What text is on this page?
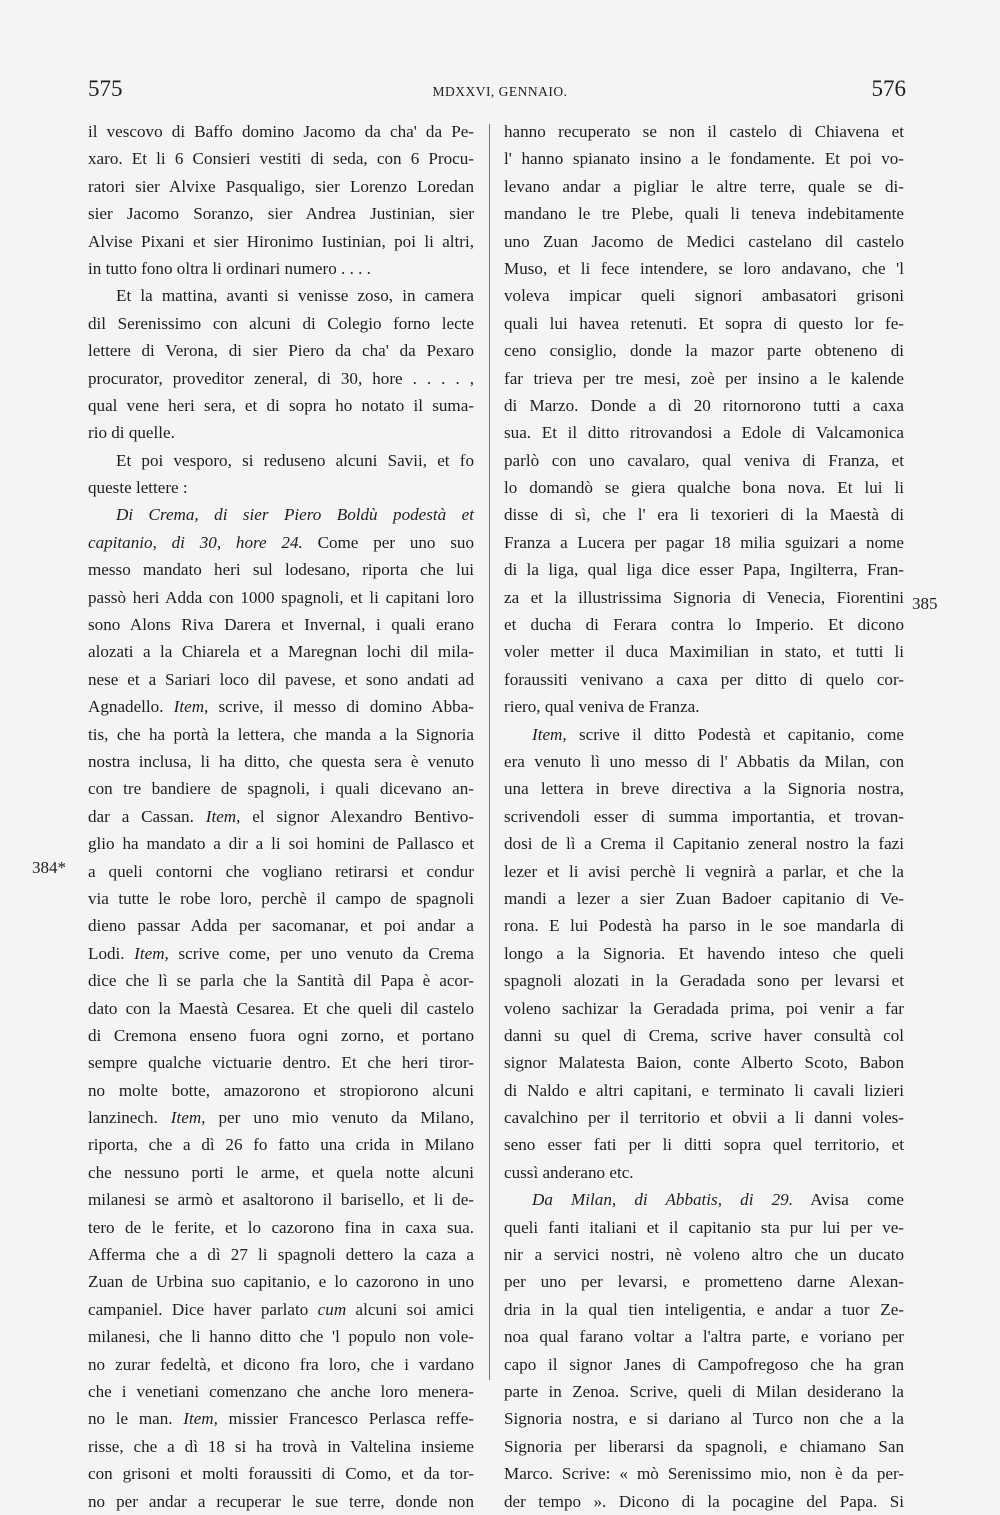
575	MDXXVI, GENNAIO.	576
384*
385
il vescovo di Baffo domino Jacomo da cha' da Pe-
xaro. Et li 6 Consieri vestiti di seda, con 6 Procu-
ratori sier Alvixe Pasqualigo, sier Lorenzo Loredan
sier Jacomo Soranzo, sier Andrea Justinian, sier
Alvise Pixani et sier Hironimo Iustinian, poi li altri,
in tutto fono oltra li ordinari numero . . . .
Et la mattina, avanti si venisse zoso, in camera
dil Serenissimo con alcuni di Colegio forno lecte
lettere di Verona, di sier Piero da cha' da Pexaro
procurator, proveditor zeneral, di 30, hore . . . . ,
qual vene heri sera, et di sopra ho notato il suma-
rio di quelle.
Et poi vesporo, si reduseno alcuni Savii, et fo
queste lettere :
Di Crema, di sier Piero Boldù podestà et
capitanio, di 30, hore 24. Come per uno suo
messo mandato heri sul lodesano, riporta che lui
passò heri Adda con 1000 spagnoli, et li capitani loro
sono Alons Riva Darera et Invernal, i quali erano
alozati a la Chiarela et a Maregnan lochi dil mila-
nese et a Sariari loco dil pavese, et sono andati ad
Agnadello. Item, scrive, il messo di domino Abba-
tis, che ha portà la lettera, che manda a la Signoria
nostra inclusa, li ha ditto, che questa sera è venuto
con tre bandiere de spagnoli, i quali dicevano an-
dar a Cassan. Item, el signor Alexandro Bentivo-
glio ha mandato a dir a li soi homini de Pallasco et
a queli contorni che vogliano retirarsi et condur
via tutte le robe loro, perchè il campo de spagnoli
dieno passar Adda per sacomanar, et poi andar a
Lodi. Item, scrive come, per uno venuto da Crema
dice che lì se parla che la Santità dil Papa è acor-
dato con la Maestà Cesarea. Et che queli dil castelo
di Cremona enseno fuora ogni zorno, et portano
sempre qualche victuarie dentro. Et che heri tiror-
no molte botte, amazorono et stropiorono alcuni
lanzinech. Item, per uno mio venuto da Milano,
riporta, che a dì 26 fo fatto una crida in Milano
che nessuno porti le arme, et quela notte alcuni
milanesi se armò et asaltorono il barisello, et li de-
tero de le ferite, et lo cazorono fina in caxa sua.
Afferma che a dì 27 li spagnoli dettero la caza a
Zuan de Urbina suo capitanio, e lo cazorono in uno
campaniel. Dice haver parlato cum alcuni soi amici
milanesi, che li hanno ditto che 'l populo non vole-
no zurar fedeltà, et dicono fra loro, che i vardano
che i venetiani comenzano che anche loro menera-
no le man. Item, missier Francesco Perlasca reffe-
risse, che a dì 18 si ha trovà in Valtelina insieme
con grisoni et molti foraussiti di Como, et da tor-
no per andar a recuperar le sue terre, donde non
hanno recuperato se non il castelo di Chiavena et
l' hanno spianato insino a le fondamente. Et poi vo-
levano andar a pigliar le altre terre, quale se di-
mandano le tre Plebe, quali li teneva indebitamente
uno Zuan Jacomo de Medici castelano dil castelo
Muso, et li fece intendere, se loro andavano, che 'l
voleva impicar queli signori ambasatori grisoni
quali lui havea retenuti. Et sopra di questo lor fe-
ceno consiglio, donde la mazor parte obteneno di
far trieva per tre mesi, zoè per insino a le kalende
di Marzo. Donde a dì 20 ritornorono tutti a caxa
sua. Et il ditto ritrovandosi a Edole di Valcamonica
parlò con uno cavalaro, qual veniva di Franza, et
lo domandò se giera qualche bona nova. Et lui li
disse di sì, che l' era li texorieri di la Maestà di
Franza a Lucera per pagar 18 milia sguizari a nome
di la liga, qual liga dice esser Papa, Ingilterra, Fran-
za et la illustrissima Signoria di Venecia, Fiorentini
et ducha di Ferara contra lo Imperio. Et dicono
voler metter il duca Maximilian in stato, et tutti li
foraussiti venivano a caxa per ditto di quelo cor-
riero, qual veniva de Franza.
Item, scrive il ditto Podestà et capitanio, come
era venuto lì uno messo di l' Abbatis da Milan, con
una lettera in breve directiva a la Signoria nostra,
scrivendoli esser di summa importantia, et trovan-
dosi de lì a Crema il Capitanio zeneral nostro la fazi
lezer et li avisi perchè li vegnirà a parlar, et che la
mandi a lezer a sier Zuan Badoer capitanio di Ve-
rona. E lui Podestà ha parso in le soe mandarla di
longo a la Signoria. Et havendo inteso che queli
spagnoli alozati in la Geradada sono per levarsi et
voleno sachizar la Geradada prima, poi venir a far
danni su quel di Crema, scrive haver consultà col
signor Malatesta Baion, conte Alberto Scoto, Babon
di Naldo e altri capitani, e terminato li cavali lizieri
cavalchino per il territorio et obvii a li danni voles-
seno esser fati per li ditti sopra quel territorio, et
cussì anderano etc.
Da Milan, di Abbatis, di 29. Avisa come
queli fanti italiani et il capitanio sta pur lui per ve-
nir a servici nostri, nè voleno altro che un ducato
per uno per levarsi, e prometteno darne Alexan-
dria in la qual tien inteligentia, e andar a tuor Ze-
noa qual farano voltar a l'altra parte, e voriano per
capo il signor Janes di Campofregoso che ha gran
parte in Zenoa. Scrive, queli di Milan desiderano la
Signoria nostra, e si dariano al Turco non che a la
Signoria per liberarsi da spagnoli, e chiamano San
Marco. Scrive: « mò Serenissimo mio, non è da per-
der tempo ». Dicono di la pocagine del Papa. Si
